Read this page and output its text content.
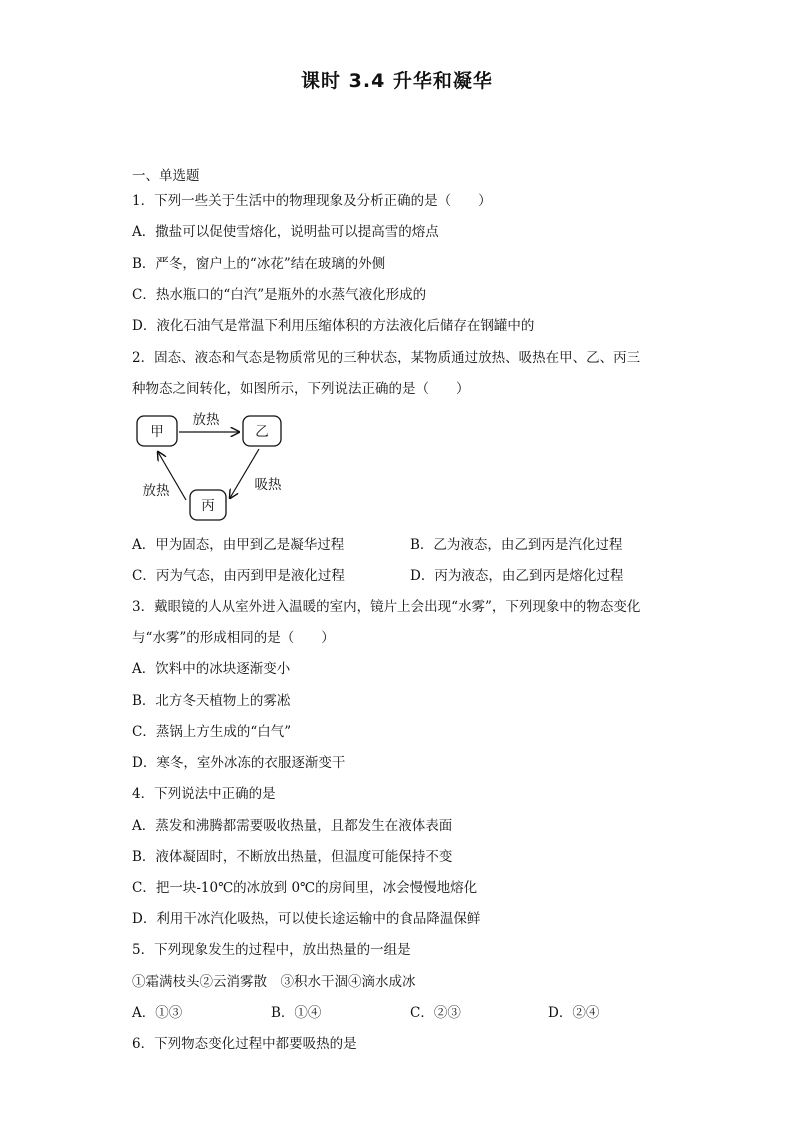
课时 3.4 升华和凝华
一、单选题
1．下列一些关于生活中的物理现象及分析正确的是（　　）
A．撒盐可以促使雪熔化，说明盐可以提高雪的熔点
B．严冬，窗户上的“冰花”结在玻璃的外侧
C．热水瓶口的“白汽”是瓶外的水蒸气液化形成的
D．液化石油气是常温下利用压缩体积的方法液化后储存在钢罐中的
2．固态、液态和气态是物质常见的三种状态，某物质通过放热、吸热在甲、乙、丙三
种物态之间转化，如图所示，下列说法正确的是（　　）
甲	乙
丙
放热
吸热
放热
A．甲为固态，由甲到乙是凝华过程	B．乙为液态，由乙到丙是汽化过程
C．丙为气态，由丙到甲是液化过程	D．丙为液态，由乙到丙是熔化过程
3．戴眼镜的人从室外进入温暖的室内，镜片上会出现“水雾”，下列现象中的物态变化
与“水雾”的形成相同的是（　　）
A．饮料中的冰块逐渐变小
B．北方冬天植物上的雾凇
C．蒸锅上方生成的“白气”
D．寒冬，室外冰冻的衣服逐渐变干
4．下列说法中正确的是
A．蒸发和沸腾都需要吸收热量，且都发生在液体表面
B．液体凝固时，不断放出热量，但温度可能保持不变
C．把一块-10℃的冰放到 0℃的房间里，冰会慢慢地熔化
D．利用干冰汽化吸热，可以使长途运输中的食品降温保鲜
5．下列现象发生的过程中，放出热量的一组是
①霜满枝头②云消雾散　③积水干涸④滴水成冰
A．①③	B．①④	C．②③	D．②④
6．下列物态变化过程中都要吸热的是
